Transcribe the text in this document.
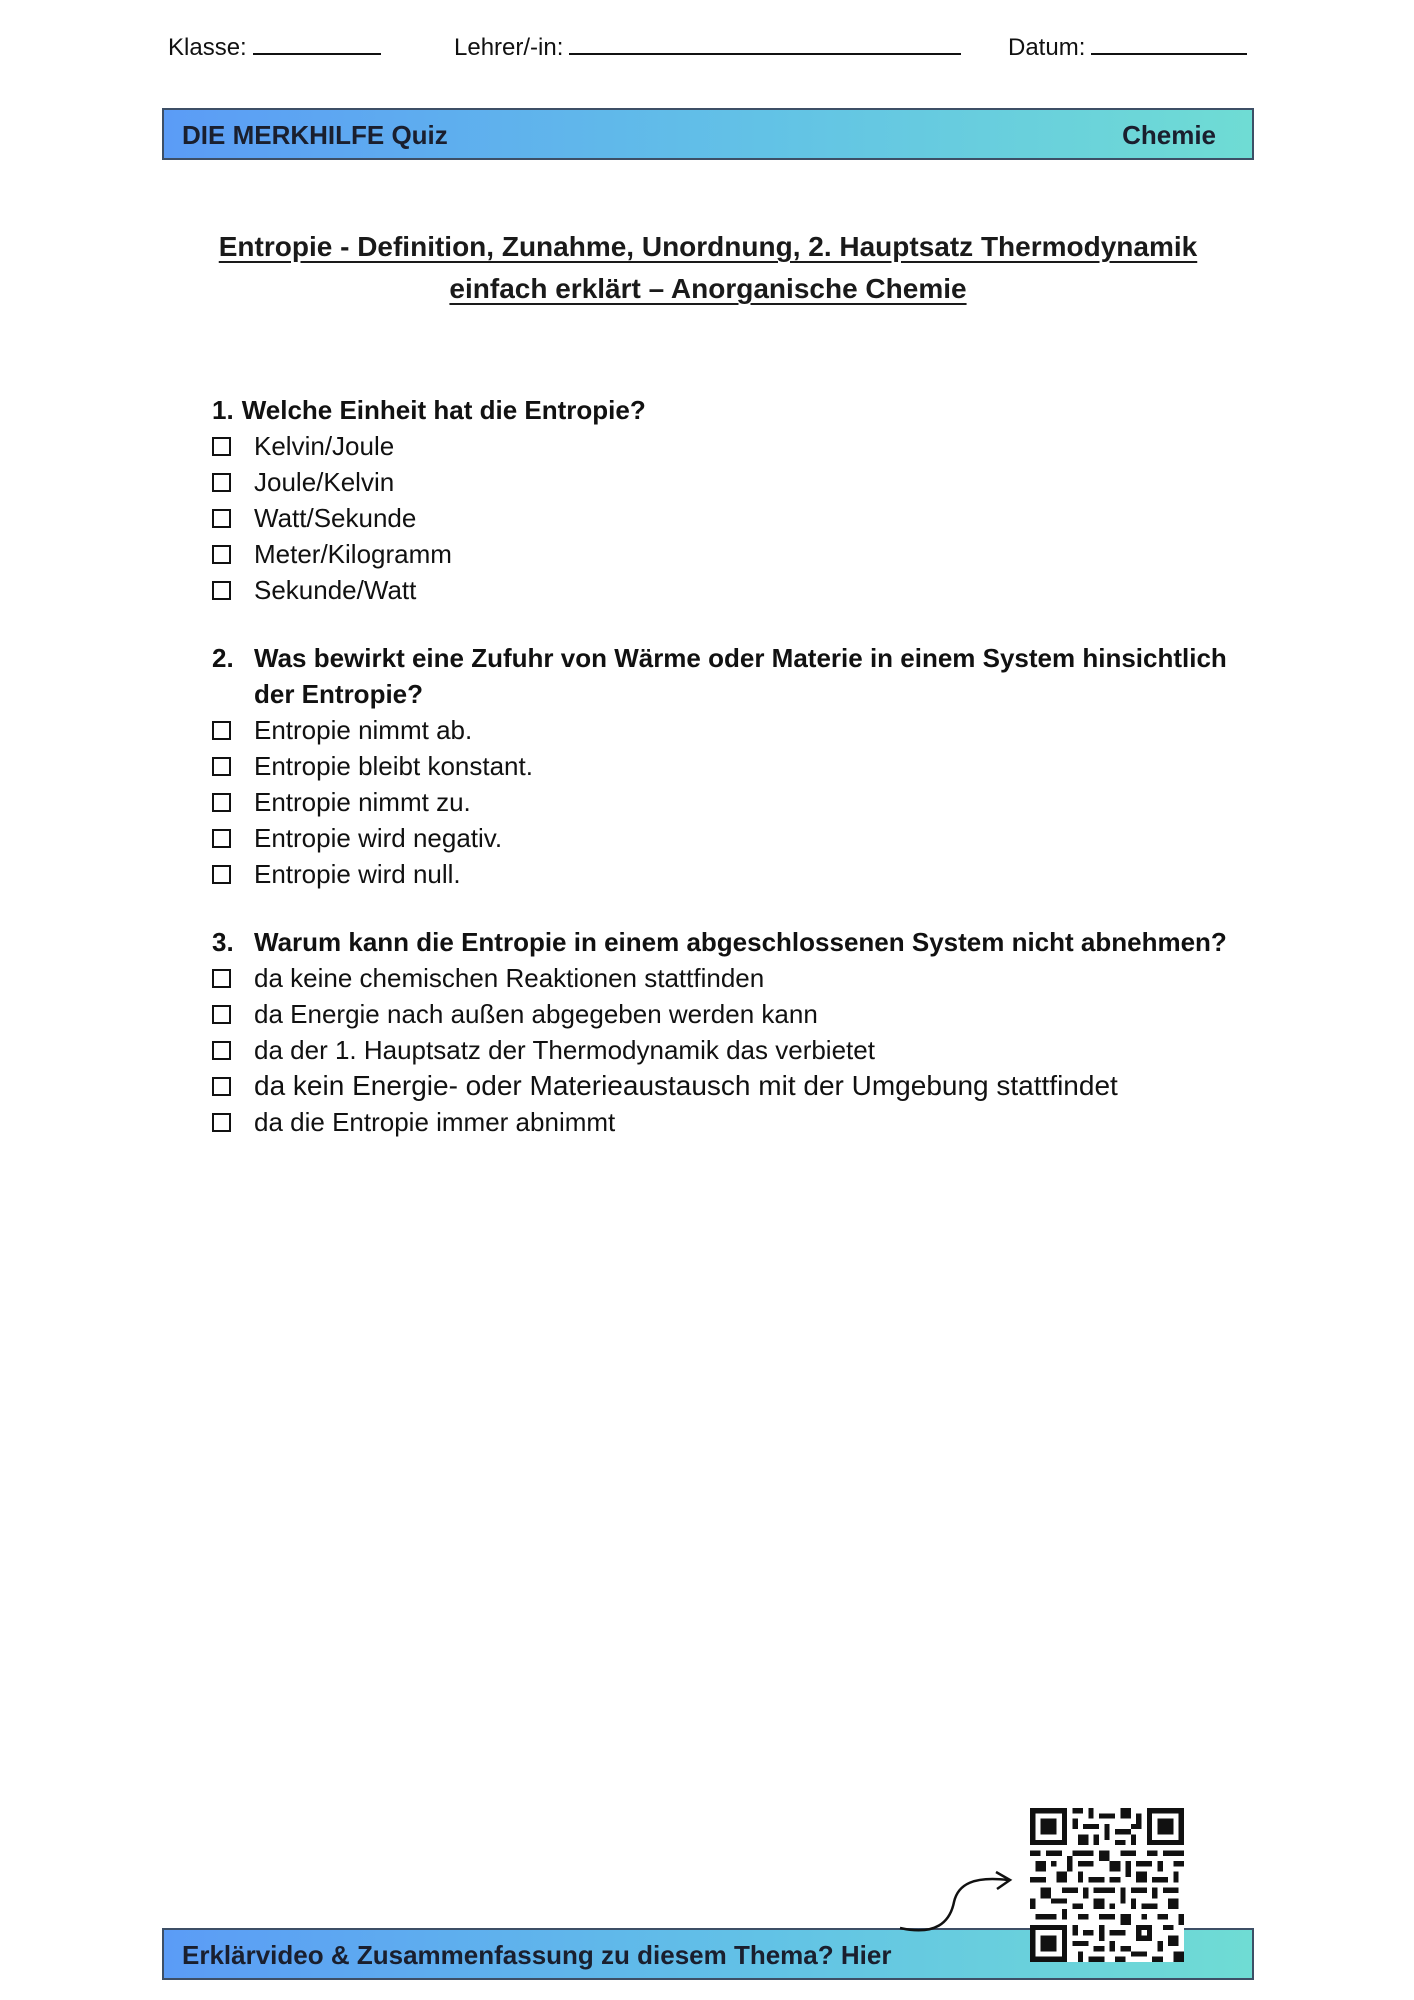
Klasse:	Lehrer/-in:	Datum:
DIE MERKHILFE Quiz	Chemie
Entropie - Definition, Zunahme, Unordnung, 2. Hauptsatz Thermodynamik
einfach erklärt – Anorganische Chemie
1. Welche Einheit hat die Entropie?
Kelvin/Joule
Joule/Kelvin
Watt/Sekunde
Meter/Kilogramm
Sekunde/Watt
2. Was bewirkt eine Zufuhr von Wärme oder Materie in einem System hinsichtlich der Entropie?
Entropie nimmt ab.
Entropie bleibt konstant.
Entropie nimmt zu.
Entropie wird negativ.
Entropie wird null.
3. Warum kann die Entropie in einem abgeschlossenen System nicht abnehmen?
da keine chemischen Reaktionen stattfinden
da Energie nach außen abgegeben werden kann
da der 1. Hauptsatz der Thermodynamik das verbietet
da kein Energie- oder Materieaustausch mit der Umgebung stattfindet
da die Entropie immer abnimmt
Erklärvideo & Zusammenfassung zu diesem Thema? Hier
